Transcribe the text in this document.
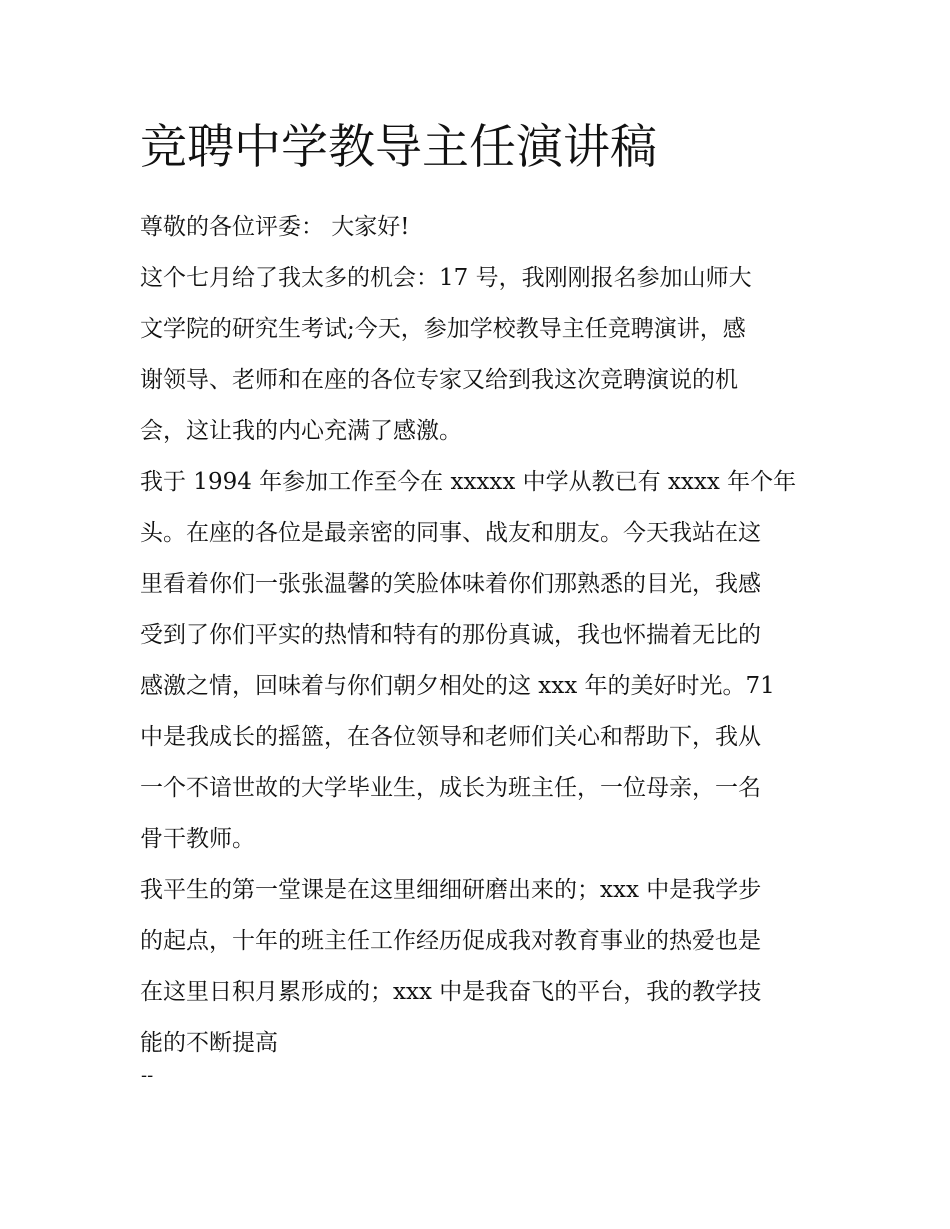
竞聘中学教导主任演讲稿

尊敬的各位评委： 大家好!

这个七月给了我太多的机会：17 号，我刚刚报名参加山师大

文学院的研究生考试;今天，参加学校教导主任竞聘演讲，感

谢领导、老师和在座的各位专家又给到我这次竞聘演说的机

会，这让我的内心充满了感激。

我于 1994 年参加工作至今在 xxxxx 中学从教已有 xxxx 年个年

头。在座的各位是最亲密的同事、战友和朋友。今天我站在这

里看着你们一张张温馨的笑脸体味着你们那熟悉的目光，我感

受到了你们平实的热情和特有的那份真诚，我也怀揣着无比的

感激之情，回味着与你们朝夕相处的这 xxx 年的美好时光。71

中是我成长的摇篮，在各位领导和老师们关心和帮助下，我从

一个不谙世故的大学毕业生，成长为班主任，一位母亲，一名

骨干教师。

我平生的第一堂课是在这里细细研磨出来的；xxx 中是我学步

的起点，十年的班主任工作经历促成我对教育事业的热爱也是

在这里日积月累形成的；xxx 中是我奋飞的平台，我的教学技

能的不断提高

--
